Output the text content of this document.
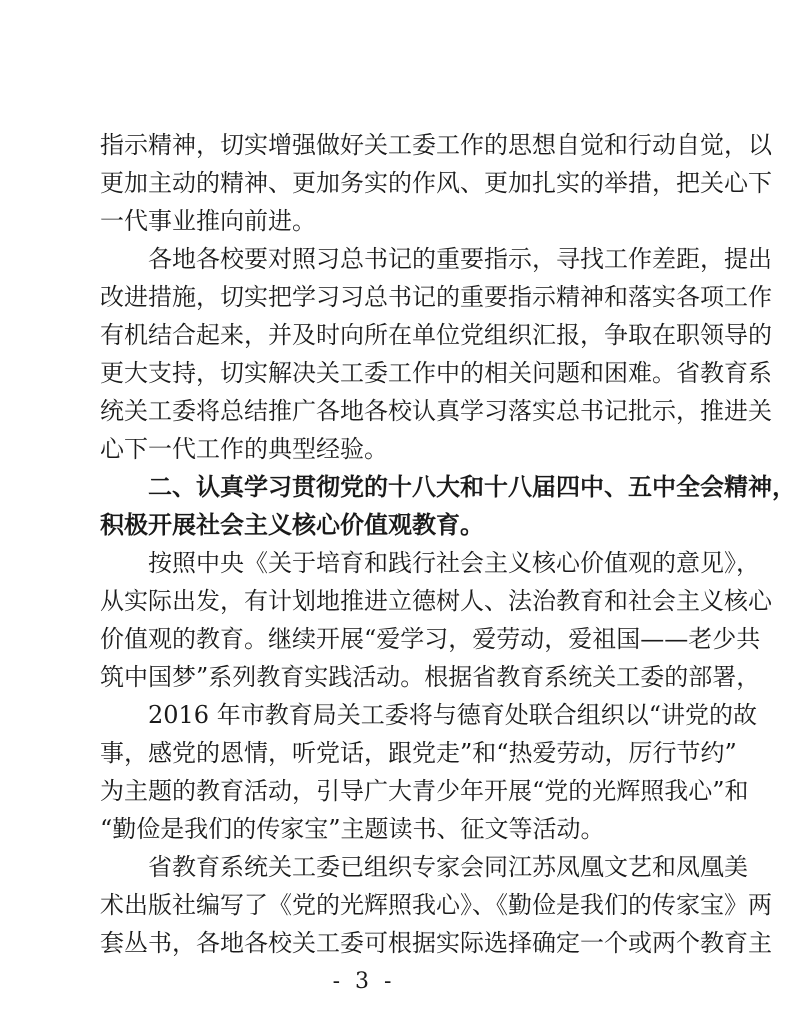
指示精神，切实增强做好关工委工作的思想自觉和行动自觉，以
更加主动的精神、更加务实的作风、更加扎实的举措，把关心下
一代事业推向前进。
　　各地各校要对照习总书记的重要指示，寻找工作差距，提出
改进措施，切实把学习习总书记的重要指示精神和落实各项工作
有机结合起来，并及时向所在单位党组织汇报，争取在职领导的
更大支持，切实解决关工委工作中的相关问题和困难。省教育系
统关工委将总结推广各地各校认真学习落实总书记批示，推进关
心下一代工作的典型经验。
　　二、认真学习贯彻党的十八大和十八届四中、五中全会精神，
积极开展社会主义核心价值观教育。
　　按照中央《关于培育和践行社会主义核心价值观的意见》，
从实际出发，有计划地推进立德树人、法治教育和社会主义核心
价值观的教育。继续开展“爱学习，爱劳动，爱祖国——老少共
筑中国梦”系列教育实践活动。根据省教育系统关工委的部署，
　　2016 年市教育局关工委将与德育处联合组织以“讲党的故
事，感党的恩情，听党话，跟党走”和“热爱劳动，厉行节约”
为主题的教育活动，引导广大青少年开展“党的光辉照我心”和
“勤俭是我们的传家宝”主题读书、征文等活动。
　　省教育系统关工委已组织专家会同江苏凤凰文艺和凤凰美
术出版社编写了《党的光辉照我心》、《勤俭是我们的传家宝》两
套丛书，各地各校关工委可根据实际选择确定一个或两个教育主
- 3 -
